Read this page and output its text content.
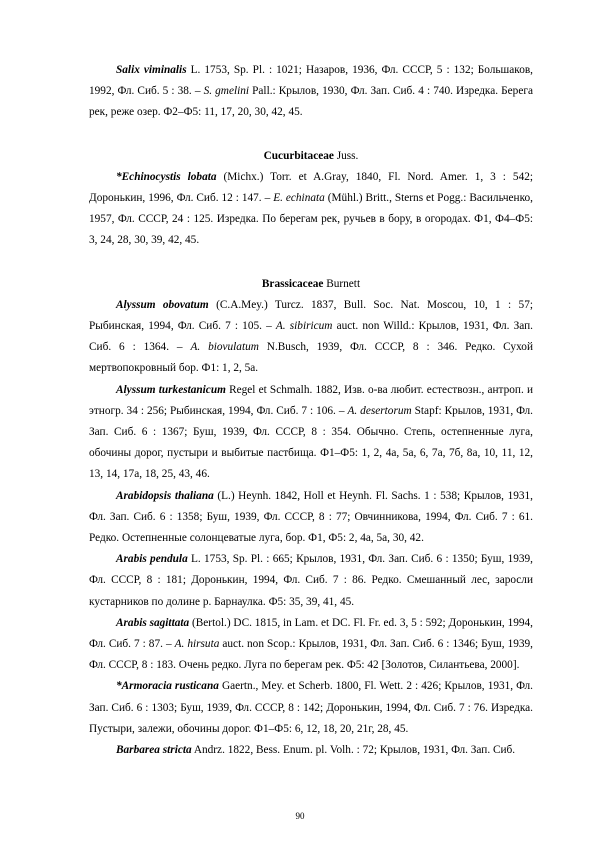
Salix viminalis L. 1753, Sp. Pl. : 1021; Назаров, 1936, Фл. СССР, 5 : 132; Большаков, 1992, Фл. Сиб. 5 : 38. – S. gmelini Pall.: Крылов, 1930, Фл. Зап. Сиб. 4 : 740. Изредка. Берега рек, реже озер. Ф2–Ф5: 11, 17, 20, 30, 42, 45.

Cucurbitaceae Juss.

*Echinocystis lobata (Michx.) Torr. et A.Gray, 1840, Fl. Nord. Amer. 1, 3 : 542; Доронькин, 1996, Фл. Сиб. 12 : 147. – E. echinata (Mühl.) Britt., Sterns et Pogg.: Васильченко, 1957, Фл. СССР, 24 : 125. Изредка. По берегам рек, ручьев в бору, в огородах. Ф1, Ф4–Ф5: 3, 24, 28, 30, 39, 42, 45.

Brassicaceae Burnett

Alyssum obovatum (C.A.Mey.) Turcz. 1837, Bull. Soc. Nat. Moscou, 10, 1 : 57; Рыбинская, 1994, Фл. Сиб. 7 : 105. – A. sibiricum auct. non Willd.: Крылов, 1931, Фл. Зап. Сиб. 6 : 1364. – A. biovulatum N.Busch, 1939, Фл. СССР, 8 : 346. Редко. Сухой мертвопокровный бор. Ф1: 1, 2, 5а.

Alyssum turkestanicum Regel et Schmalh. 1882, Изв. о-ва любит. естествозн., антроп. и этногр. 34 : 256; Рыбинская, 1994, Фл. Сиб. 7 : 106. – A. desertorum Stapf: Крылов, 1931, Фл. Зап. Сиб. 6 : 1367; Буш, 1939, Фл. СССР, 8 : 354. Обычно. Степь, остепненные луга, обочины дорог, пустыри и выбитые пастбища. Ф1–Ф5: 1, 2, 4а, 5а, 6, 7а, 7б, 8а, 10, 11, 12, 13, 14, 17а, 18, 25, 43, 46.

Arabidopsis thaliana (L.) Heynh. 1842, Holl et Heynh. Fl. Sachs. 1 : 538; Крылов, 1931, Фл. Зап. Сиб. 6 : 1358; Буш, 1939, Фл. СССР, 8 : 77; Овчинникова, 1994, Фл. Сиб. 7 : 61. Редко. Остепненные солонцеватые луга, бор. Ф1, Ф5: 2, 4а, 5а, 30, 42.

Arabis pendula L. 1753, Sp. Pl. : 665; Крылов, 1931, Фл. Зап. Сиб. 6 : 1350; Буш, 1939, Фл. СССР, 8 : 181; Доронькин, 1994, Фл. Сиб. 7 : 86. Редко. Смешанный лес, заросли кустарников по долине р. Барнаулка. Ф5: 35, 39, 41, 45.

Arabis sagittata (Bertol.) DC. 1815, in Lam. et DC. Fl. Fr. ed. 3, 5 : 592; Доронькин, 1994, Фл. Сиб. 7 : 87. – A. hirsuta auct. non Scop.: Крылов, 1931, Фл. Зап. Сиб. 6 : 1346; Буш, 1939, Фл. СССР, 8 : 183. Очень редко. Луга по берегам рек. Ф5: 42 [Золотов, Силантьева, 2000].

*Armoracia rusticana Gaertn., Mey. et Scherb. 1800, Fl. Wett. 2 : 426; Крылов, 1931, Фл. Зап. Сиб. 6 : 1303; Буш, 1939, Фл. СССР, 8 : 142; Доронькин, 1994, Фл. Сиб. 7 : 76. Изредка. Пустыри, залежи, обочины дорог. Ф1–Ф5: 6, 12, 18, 20, 21г, 28, 45.

Barbarea stricta Andrz. 1822, Bess. Enum. pl. Volh. : 72; Крылов, 1931, Фл. Зап. Сиб.

90
